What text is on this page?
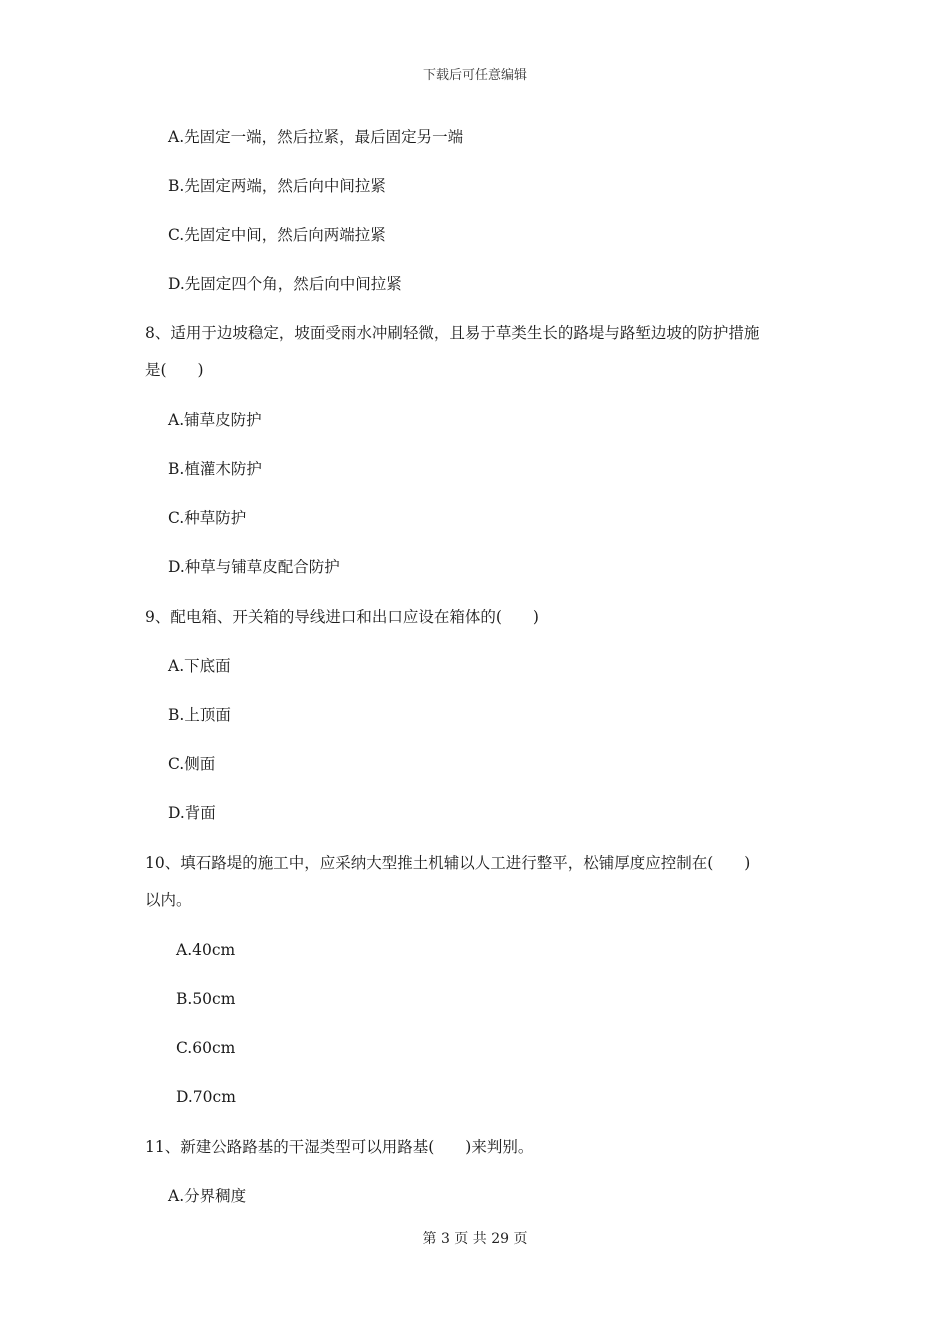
下载后可任意编辑
A.先固定一端，然后拉紧，最后固定另一端
B.先固定两端，然后向中间拉紧
C.先固定中间，然后向两端拉紧
D.先固定四个角，然后向中间拉紧
8、适用于边坡稳定，坡面受雨水冲刷轻微，且易于草类生长的路堤与路堑边坡的防护措施
是(　　)
A.铺草皮防护
B.植灌木防护
C.种草防护
D.种草与铺草皮配合防护
9、配电箱、开关箱的导线进口和出口应设在箱体的(　　)
A.下底面
B.上顶面
C.侧面
D.背面
10、填石路堤的施工中，应采纳大型推土机辅以人工进行整平，松铺厚度应控制在(　　)
以内。
A.40cm
B.50cm
C.60cm
D.70cm
11、新建公路路基的干湿类型可以用路基(　　)来判别。
A.分界稠度
第 3 页 共 29 页
